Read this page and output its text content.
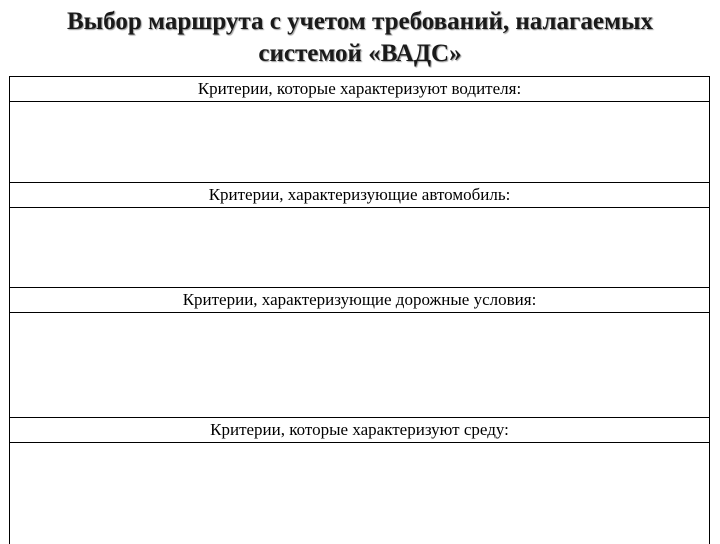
Выбор маршрута с учетом требований, налагаемых
системой «ВАДС»
Критерии, которые характеризуют водителя:
Критерии, характеризующие автомобиль:
Критерии, характеризующие дорожные условия:
Критерии, которые характеризуют среду:
